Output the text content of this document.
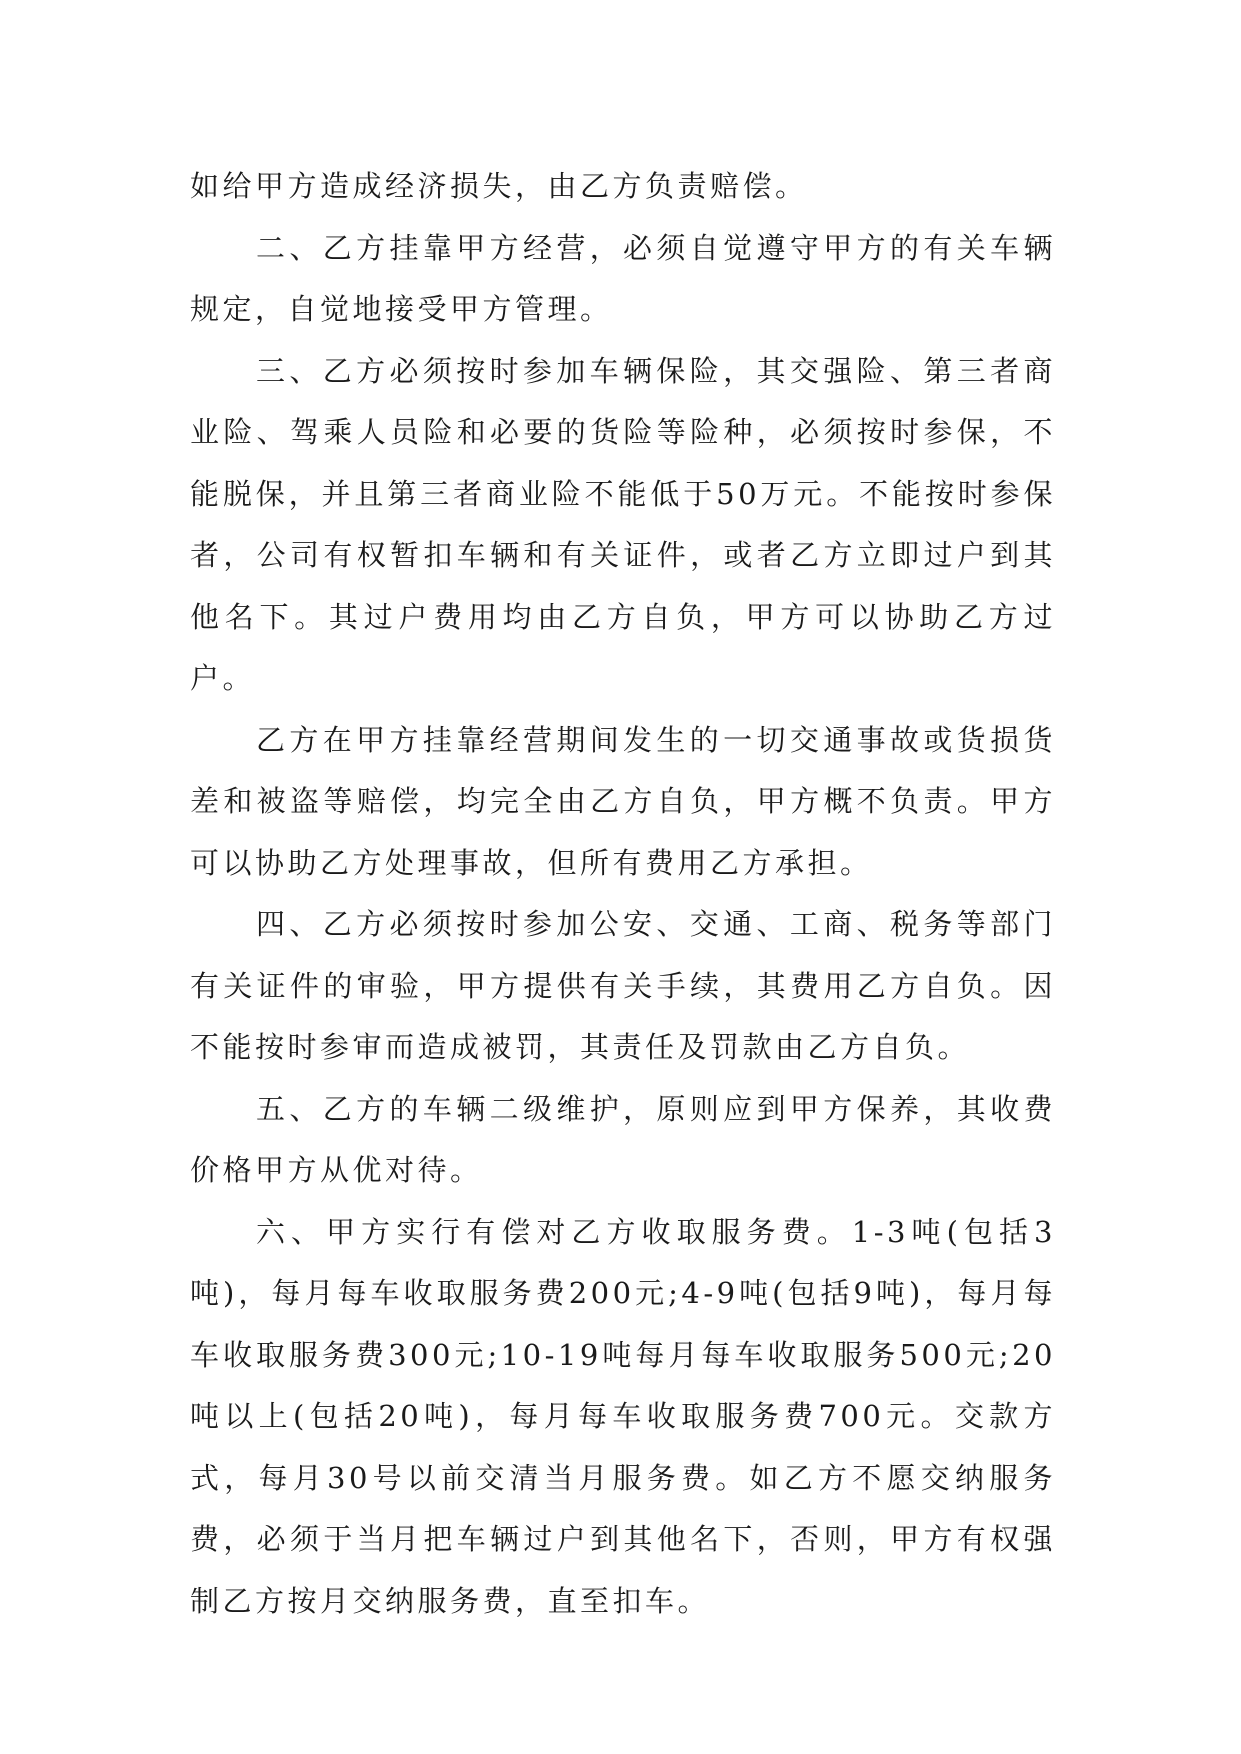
如给甲方造成经济损失，由乙方负责赔偿。

二、乙方挂靠甲方经营，必须自觉遵守甲方的有关车辆规定，自觉地接受甲方管理。

三、乙方必须按时参加车辆保险，其交强险、第三者商业险、驾乘人员险和必要的货险等险种，必须按时参保，不能脱保，并且第三者商业险不能低于50万元。不能按时参保者，公司有权暂扣车辆和有关证件，或者乙方立即过户到其他名下。其过户费用均由乙方自负，甲方可以协助乙方过户。

乙方在甲方挂靠经营期间发生的一切交通事故或货损货差和被盗等赔偿，均完全由乙方自负，甲方概不负责。甲方可以协助乙方处理事故，但所有费用乙方承担。

四、乙方必须按时参加公安、交通、工商、税务等部门有关证件的审验，甲方提供有关手续，其费用乙方自负。因不能按时参审而造成被罚，其责任及罚款由乙方自负。

五、乙方的车辆二级维护，原则应到甲方保养，其收费价格甲方从优对待。

六、甲方实行有偿对乙方收取服务费。1-3吨(包括3吨)，每月每车收取服务费200元;4-9吨(包括9吨)，每月每车收取服务费300元;10-19吨每月每车收取服务500元;20吨以上(包括20吨)，每月每车收取服务费700元。交款方式，每月30号以前交清当月服务费。如乙方不愿交纳服务费，必须于当月把车辆过户到其他名下，否则，甲方有权强制乙方按月交纳服务费，直至扣车。
